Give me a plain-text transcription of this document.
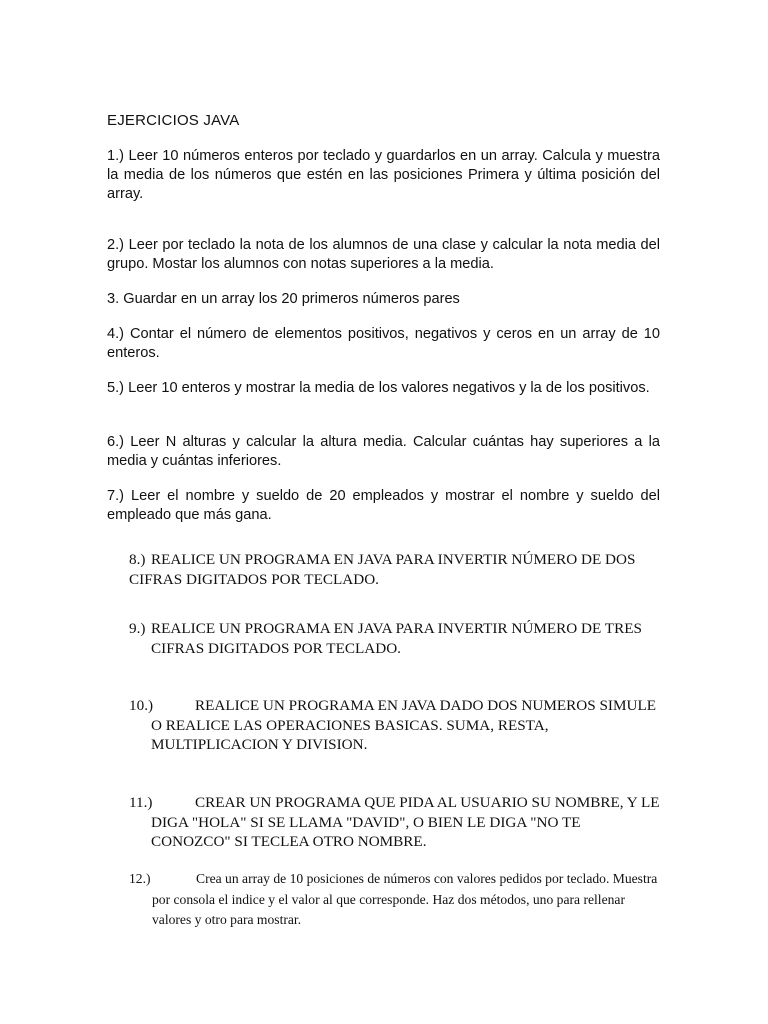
EJERCICIOS JAVA
1.) Leer 10 números enteros por teclado y guardarlos en un array. Calcula y muestra la media de los números que estén en las posiciones Primera y última posición del array.
2.) Leer por teclado la nota de los alumnos de una clase y calcular la nota media del grupo. Mostar los alumnos con notas superiores a la media.
3. Guardar en un array los 20 primeros números pares
4.) Contar el número de elementos positivos, negativos y ceros en un array de 10 enteros.
5.) Leer 10 enteros y mostrar la media de los valores negativos y la de los positivos.
6.) Leer N alturas y calcular la altura media. Calcular cuántas hay superiores a la media y cuántas inferiores.
7.) Leer el nombre y sueldo de 20 empleados y mostrar el nombre y sueldo del empleado que más gana.
8.) REALICE UN PROGRAMA EN JAVA PARA INVERTIR NÚMERO DE DOS CIFRAS DIGITADOS POR TECLADO.
9.) REALICE UN PROGRAMA EN JAVA PARA INVERTIR NÚMERO DE TRES CIFRAS DIGITADOS POR TECLADO.
10.)	REALICE UN PROGRAMA EN JAVA DADO DOS NUMEROS SIMULE O REALICE LAS OPERACIONES BASICAS. SUMA, RESTA, MULTIPLICACION Y DIVISION.
11.)	CREAR UN PROGRAMA QUE PIDA AL USUARIO SU NOMBRE, Y LE DIGA "HOLA" SI SE LLAMA "DAVID", O BIEN LE DIGA "NO TE CONOZCO" SI TECLEA OTRO NOMBRE.
12.)	Crea un array de 10 posiciones de números con valores pedidos por teclado. Muestra por consola el indice y el valor al que corresponde. Haz dos métodos, uno para rellenar valores y otro para mostrar.
